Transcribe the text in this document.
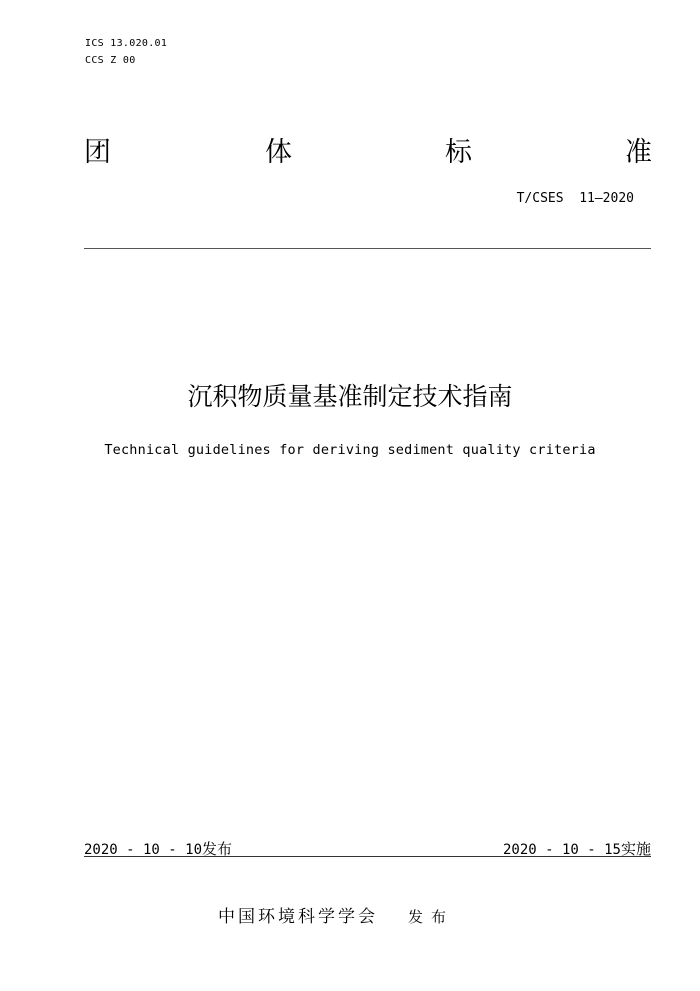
ICS 13.020.01
CCS Z 00
团	体	标	准
T/CSES  11—2020
沉积物质量基准制定技术指南
Technical guidelines for deriving sediment quality criteria
2020 - 10 - 10发布	2020 - 10 - 15实施
中国环境科学学会 发布
